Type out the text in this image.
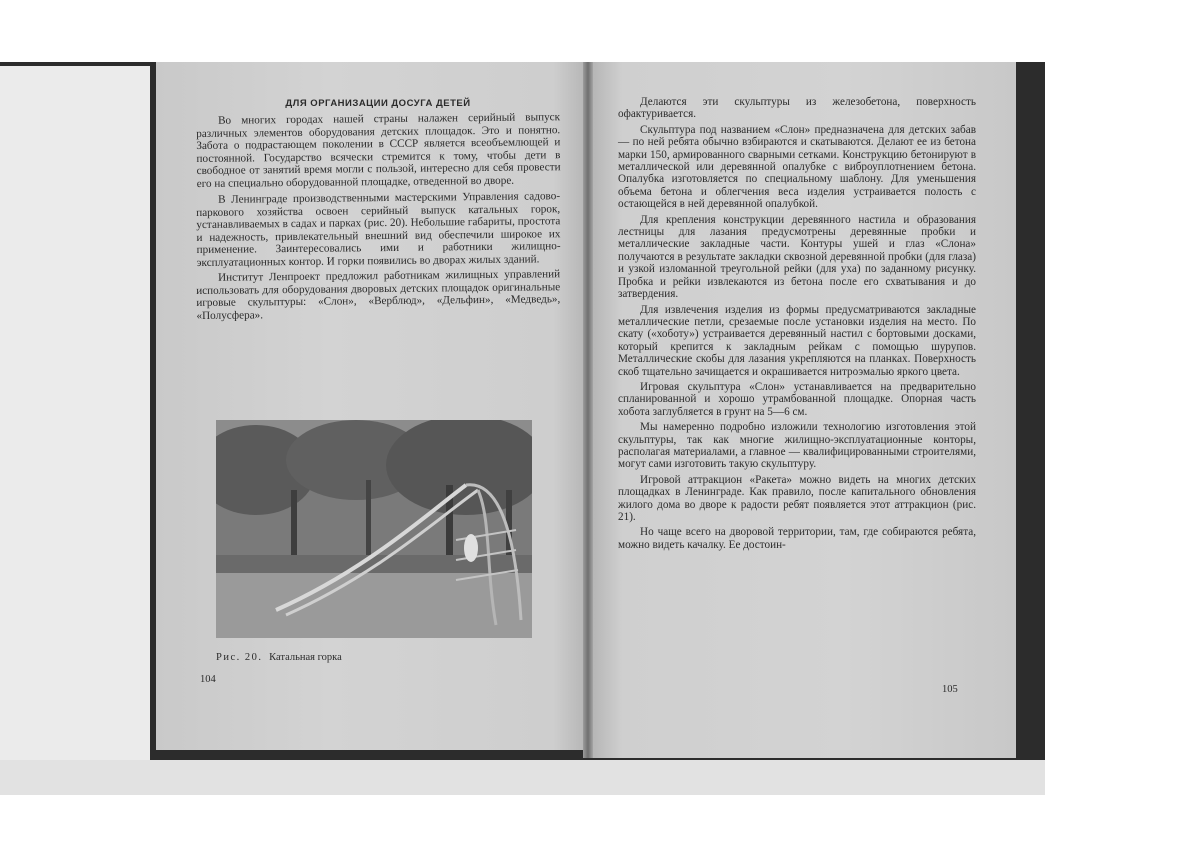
ДЛЯ ОРГАНИЗАЦИИ ДОСУГА ДЕТЕЙ

Во многих городах нашей страны налажен серийный выпуск различных элементов оборудования детских площадок. Это и понятно. Забота о подрастающем поколении в СССР является всеобъемлющей и постоянной. Государство всячески стремится к тому, чтобы дети в свободное от занятий время могли с пользой, интересно для себя провести его на специально оборудованной площадке, отведенной во дворе.

В Ленинграде производственными мастерскими Управления садово-паркового хозяйства освоен серийный выпуск катальных горок, устанавливаемых в садах и парках (рис. 20). Небольшие габариты, простота и надежность, привлекательный внешний вид обеспечили широкое их применение. Заинтересовались ими и работники жилищно-эксплуатационных контор. И горки появились во дворах жилых зданий.

Институт Ленпроект предложил работникам жилищных управлений использовать для оборудования дворовых детских площадок оригинальные игровые скульптуры: «Слон», «Верблюд», «Дельфин», «Медведь», «Полусфера».

Рис. 20. Катальная горка
104

Делаются эти скульптуры из железобетона, поверхность офактуривается.

Скульптура под названием «Слон» предназначена для детских забав — по ней ребята обычно взбираются и скатываются. Делают ее из бетона марки 150, армированного сварными сетками. Конструкцию бетонируют в металлической или деревянной опалубке с виброуплотнением бетона. Опалубка изготовляется по специальному шаблону. Для уменьшения объема бетона и облегчения веса изделия устраивается полость с остающейся в ней деревянной опалубкой.

Для крепления конструкции деревянного настила и образования лестницы для лазания предусмотрены деревянные пробки и металлические закладные части. Контуры ушей и глаз «Слона» получаются в результате закладки сквозной деревянной пробки (для глаза) и узкой изломанной треугольной рейки (для уха) по заданному рисунку. Пробка и рейки извлекаются из бетона после его схватывания и до затвердения.

Для извлечения изделия из формы предусматриваются закладные металлические петли, срезаемые после установки изделия на место. По скату («хоботу») устраивается деревянный настил с бортовыми досками, который крепится к закладным рейкам с помощью шурупов. Металлические скобы для лазания укрепляются на планках. Поверхность скоб тщательно зачищается и окрашивается нитроэмалью яркого цвета.

Игровая скульптура «Слон» устанавливается на предварительно спланированной и хорошо утрамбованной площадке. Опорная часть хобота заглубляется в грунт на 5—6 см.

Мы намеренно подробно изложили технологию изготовления этой скульптуры, так как многие жилищно-эксплуатационные конторы, располагая материалами, а главное — квалифицированными строителями, могут сами изготовить такую скульптуру.

Игровой аттракцион «Ракета» можно видеть на многих детских площадках в Ленинграде. Как правило, после капитального обновления жилого дома во дворе к радости ребят появляется этот аттракцион (рис. 21).

Но чаще всего на дворовой территории, там, где собираются ребята, можно видеть качалку. Ее достоин-

105
